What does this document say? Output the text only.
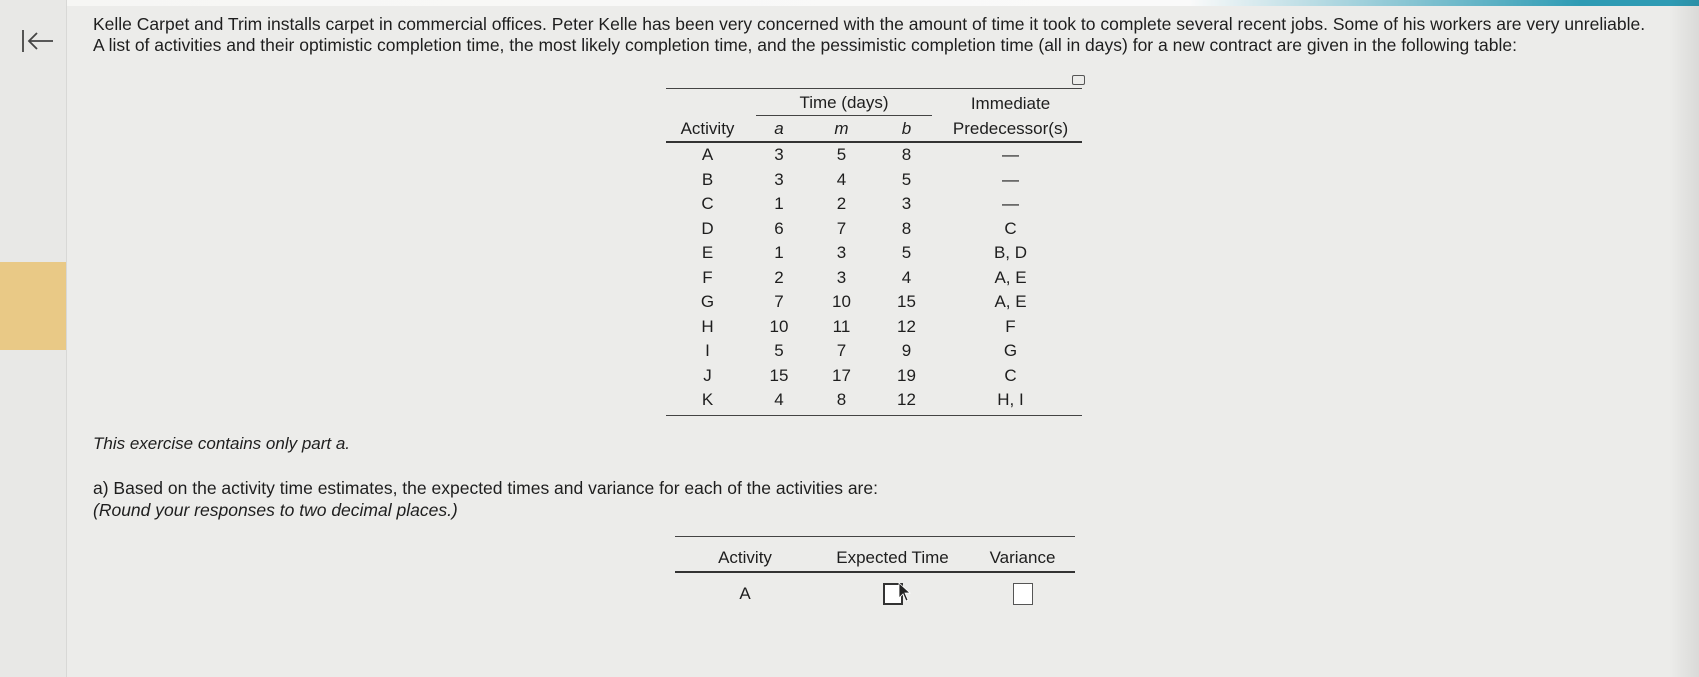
Kelle Carpet and Trim installs carpet in commercial offices. Peter Kelle has been very concerned with the amount of time it took to complete several recent jobs. Some of his workers are very unreliable. A list of activities and their optimistic completion time, the most likely completion time, and the pessimistic completion time (all in days) for a new contract are given in the following table:

	Time (days)			Immediate
Activity	a	m	b	Predecessor(s)
A	3	5	8	—
B	3	4	5	—
C	1	2	3	—
D	6	7	8	C
E	1	3	5	B, D
F	2	3	4	A, E
G	7	10	15	A, E
H	10	11	12	F
I	5	7	9	G
J	15	17	19	C
K	4	8	12	H, I
This exercise contains only part a.
a) Based on the activity time estimates, the expected times and variance for each of the activities are:
(Round your responses to two decimal places.)

Activity	Expected Time	Variance
A		
